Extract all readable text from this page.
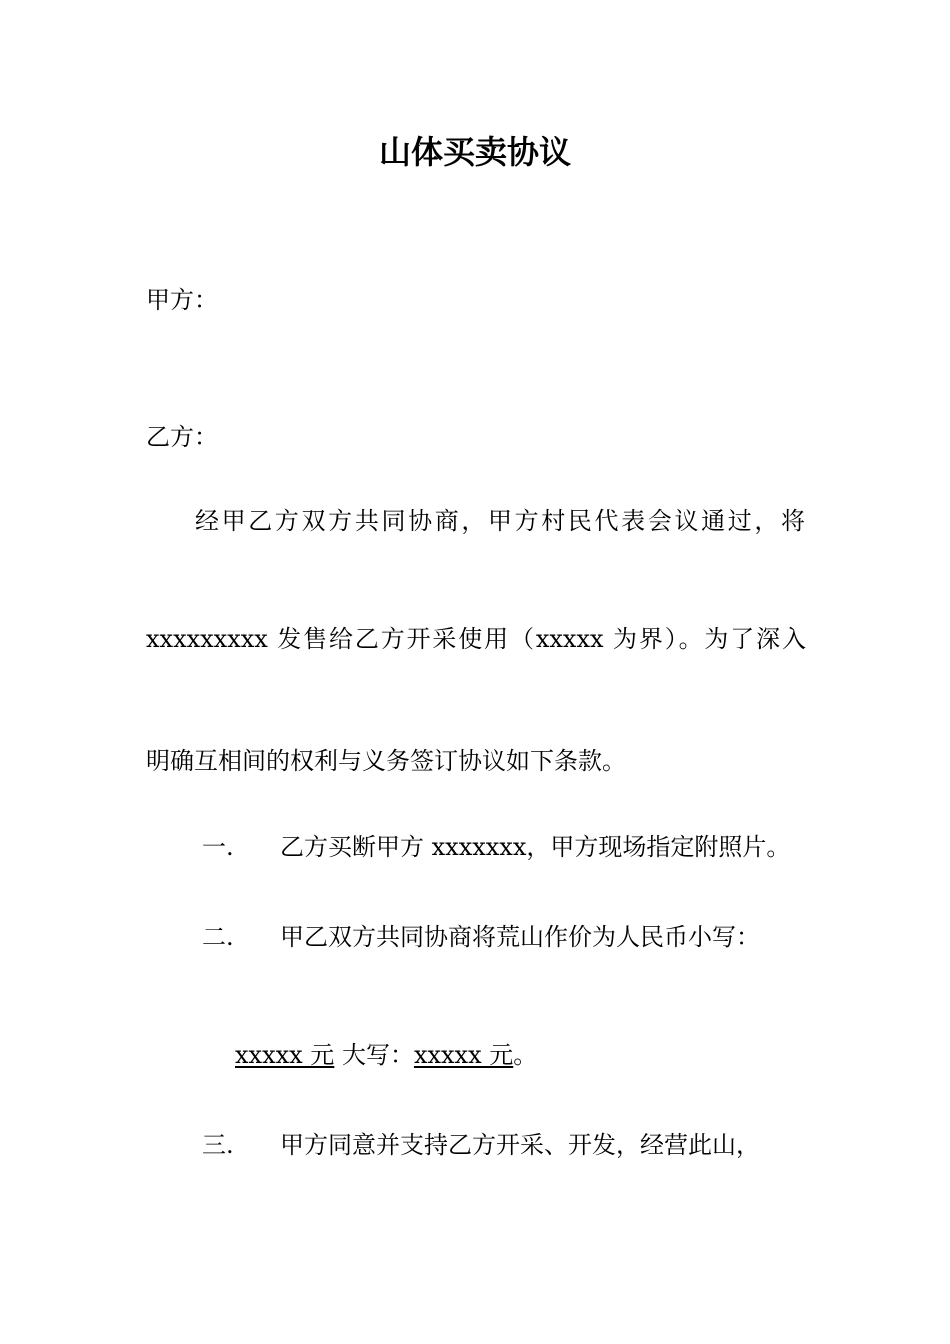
山体买卖协议
甲方：
乙方：
经甲乙方双方共同协商，甲方村民代表会议通过，将
xxxxxxxxx 发售给乙方开采使用（xxxxx 为界）。为了深入
明确互相间的权利与义务签订协议如下条款。
一. 乙方买断甲方 xxxxxxx，甲方现场指定附照片。
二. 甲乙双方共同协商将荒山作价为人民币小写：
xxxxx 元 大写：xxxxx 元。
三. 甲方同意并支持乙方开采、开发，经营此山，
